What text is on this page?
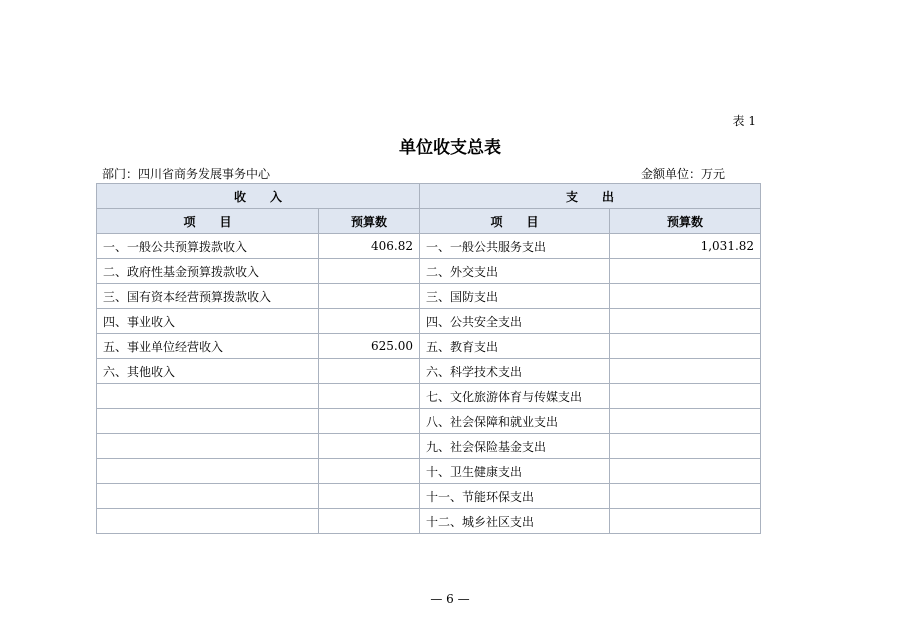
表 1
单位收支总表
部门：四川省商务发展事务中心	金额单位：万元
收　　入		支　　出	
项　　目	预算数	项　　目	预算数
一、一般公共预算拨款收入	406.82	一、一般公共服务支出	1,031.82
二、政府性基金预算拨款收入		二、外交支出	
三、国有资本经营预算拨款收入		三、国防支出	
四、事业收入		四、公共安全支出	
五、事业单位经营收入	625.00	五、教育支出	
六、其他收入		六、科学技术支出	
		七、文化旅游体育与传媒支出	
		八、社会保障和就业支出	
		九、社会保险基金支出	
		十、卫生健康支出	
		十一、节能环保支出	
		十二、城乡社区支出	
— 6 —
